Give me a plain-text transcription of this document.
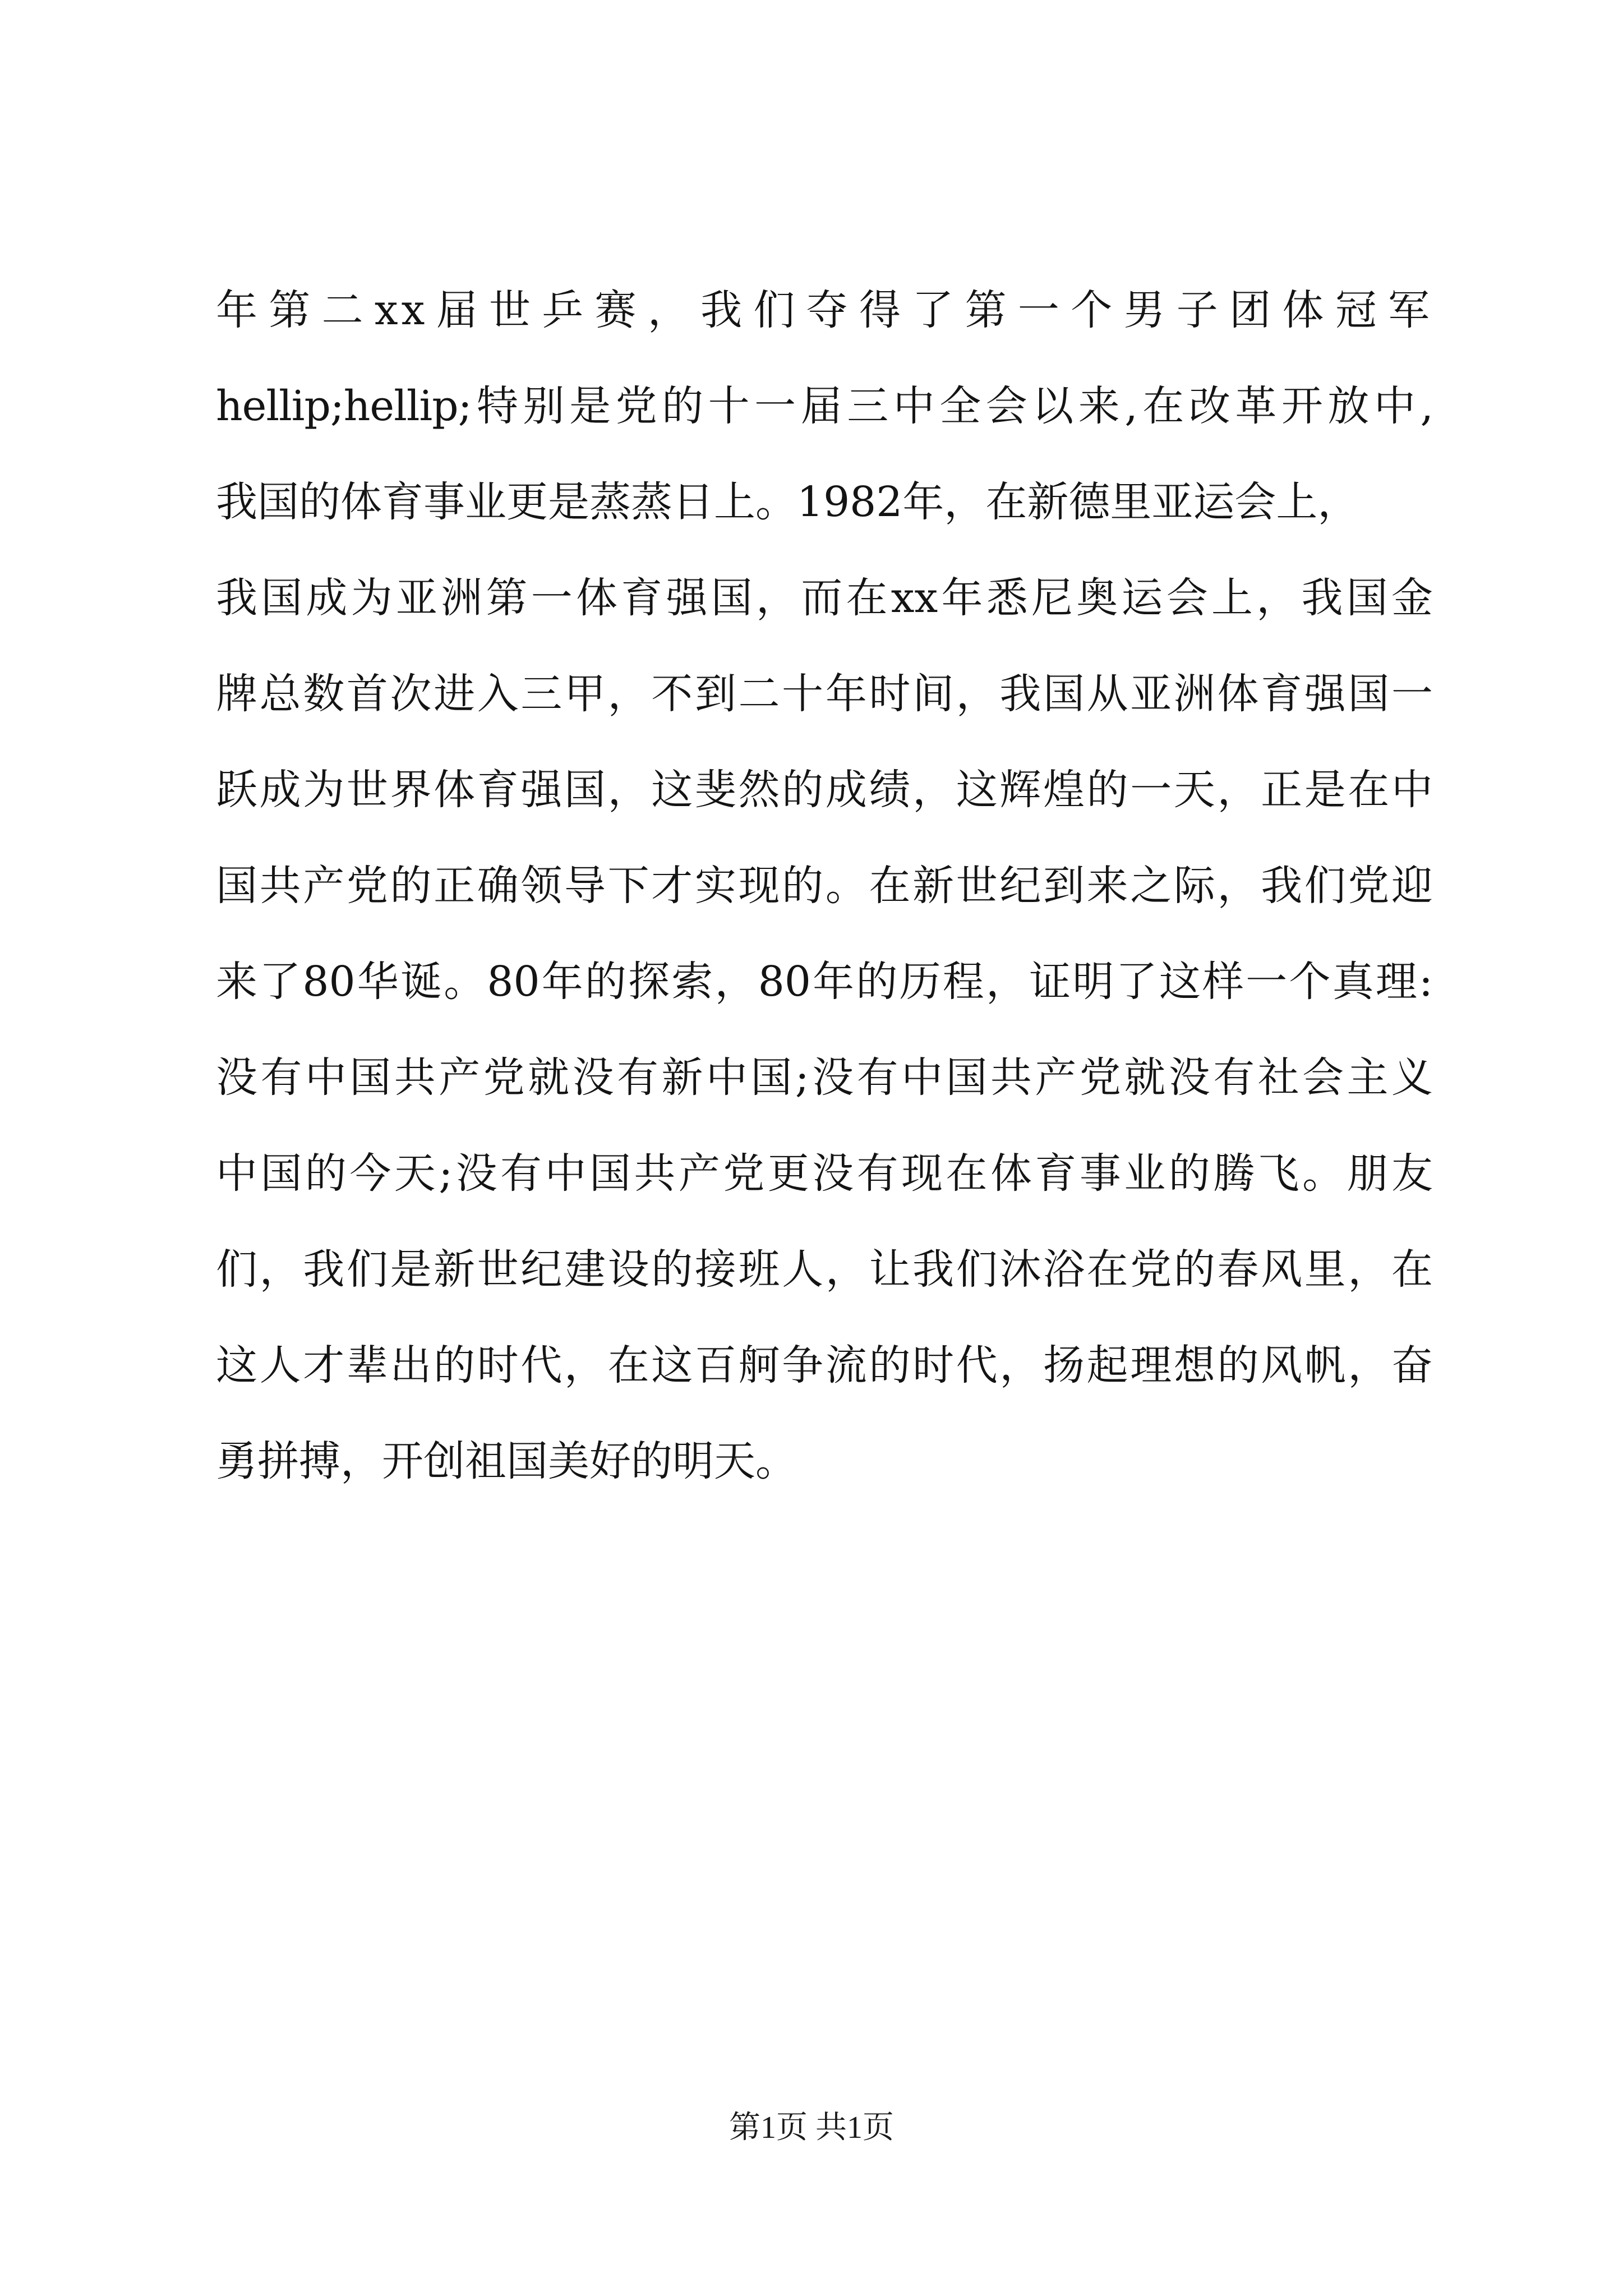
年第二xx届世乒赛，我们夺得了第一个男子团体冠军
hellip;hellip;特别是党的十一届三中全会以来,在改革开放中,
我国的体育事业更是蒸蒸日上。1982年，在新德里亚运会上，
我国成为亚洲第一体育强国，而在xx年悉尼奥运会上，我国金
牌总数首次进入三甲，不到二十年时间，我国从亚洲体育强国一
跃成为世界体育强国，这斐然的成绩，这辉煌的一天，正是在中
国共产党的正确领导下才实现的。在新世纪到来之际，我们党迎
来了80华诞。80年的探索，80年的历程，证明了这样一个真理:
没有中国共产党就没有新中国;没有中国共产党就没有社会主义
中国的今天;没有中国共产党更没有现在体育事业的腾飞。朋友
们，我们是新世纪建设的接班人，让我们沐浴在党的春风里，在
这人才辈出的时代，在这百舸争流的时代，扬起理想的风帆，奋
勇拼搏，开创祖国美好的明天。
第1页 共1页
